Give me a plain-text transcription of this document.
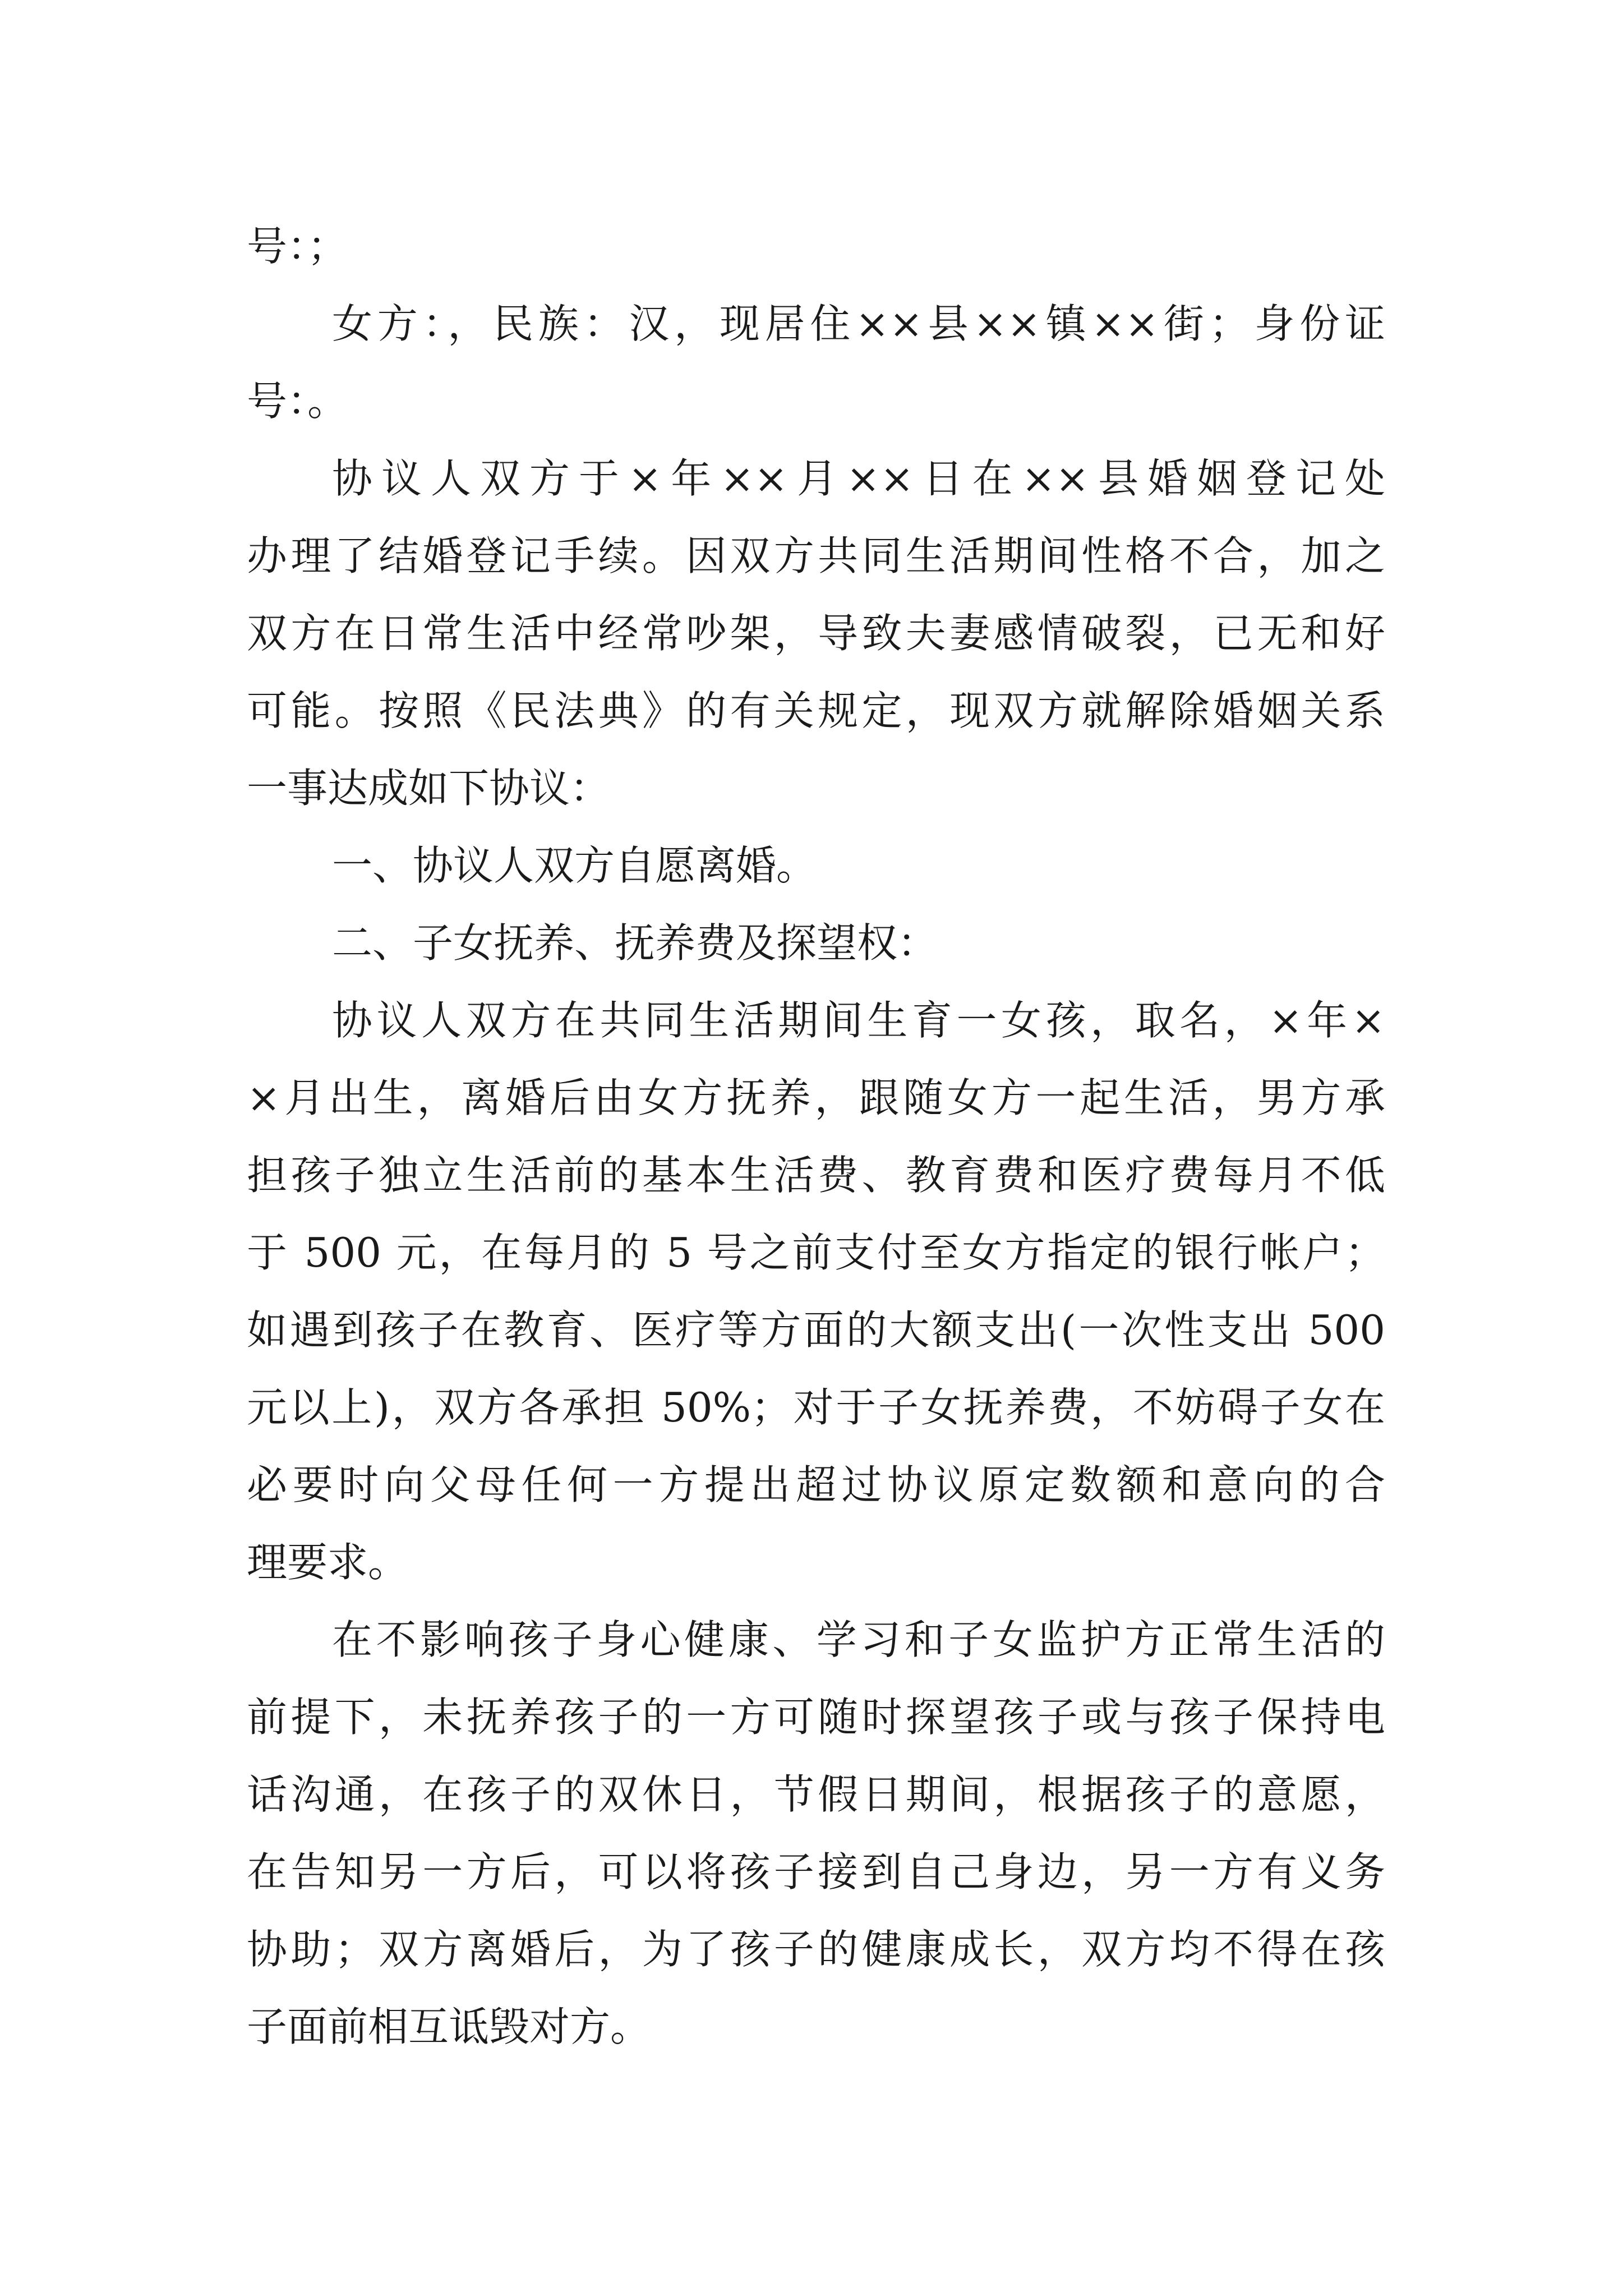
号：；
女方：，民族：汉，现居住××县××镇××街；身份证
号：。
协议人双方于×年××月××日在××县婚姻登记处
办理了结婚登记手续。因双方共同生活期间性格不合，加之
双方在日常生活中经常吵架，导致夫妻感情破裂，已无和好
可能。按照《民法典》的有关规定，现双方就解除婚姻关系
一事达成如下协议：
一、协议人双方自愿离婚。
二、子女抚养、抚养费及探望权：
协议人双方在共同生活期间生育一女孩，取名，×年×
×月出生，离婚后由女方抚养，跟随女方一起生活，男方承
担孩子独立生活前的基本生活费、教育费和医疗费每月不低
于 500 元，在每月的 5 号之前支付至女方指定的银行帐户；
如遇到孩子在教育、医疗等方面的大额支出(一次性支出 500
元以上)，双方各承担 50%；对于子女抚养费，不妨碍子女在
必要时向父母任何一方提出超过协议原定数额和意向的合
理要求。
在不影响孩子身心健康、学习和子女监护方正常生活的
前提下，未抚养孩子的一方可随时探望孩子或与孩子保持电
话沟通，在孩子的双休日，节假日期间，根据孩子的意愿，
在告知另一方后，可以将孩子接到自己身边，另一方有义务
协助；双方离婚后，为了孩子的健康成长，双方均不得在孩
子面前相互诋毁对方。
